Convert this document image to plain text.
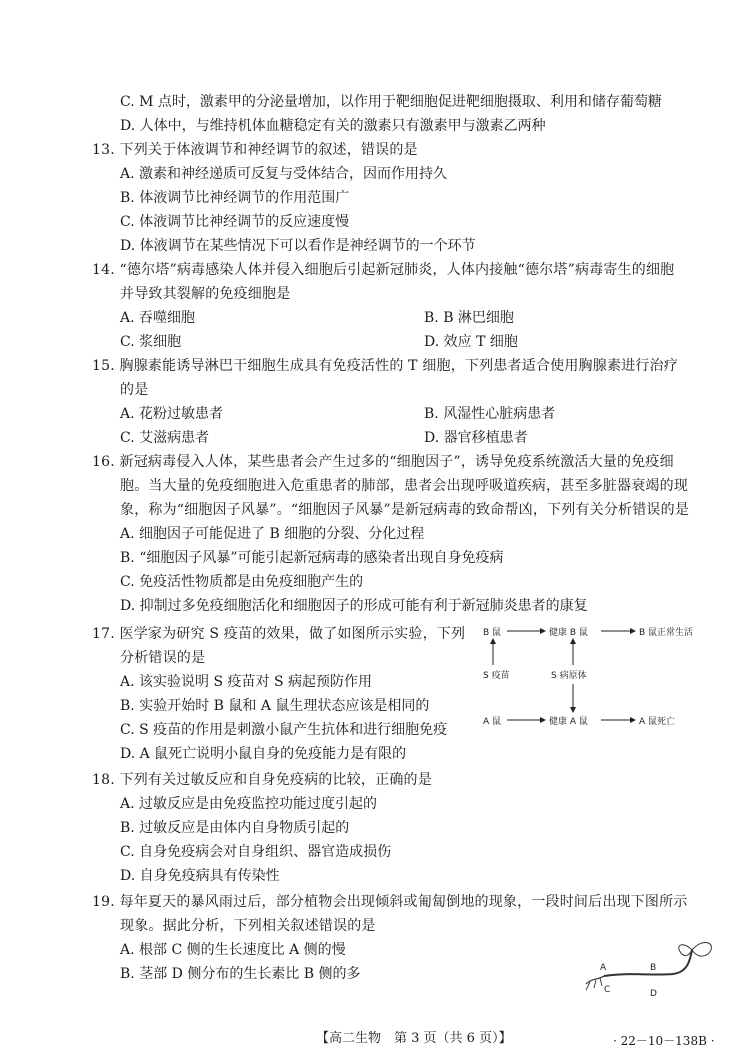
C. M 点时，激素甲的分泌量增加，以作用于靶细胞促进靶细胞摄取、利用和储存葡萄糖
D. 人体中，与维持机体血糖稳定有关的激素只有激素甲与激素乙两种
13. 下列关于体液调节和神经调节的叙述，错误的是
A. 激素和神经递质可反复与受体结合，因而作用持久
B. 体液调节比神经调节的作用范围广
C. 体液调节比神经调节的反应速度慢
D. 体液调节在某些情况下可以看作是神经调节的一个环节
14. “德尔塔”病毒感染人体并侵入细胞后引起新冠肺炎，人体内接触“德尔塔”病毒寄生的细胞
并导致其裂解的免疫细胞是
A. 吞噬细胞	B. B 淋巴细胞
C. 浆细胞	D. 效应 T 细胞
15. 胸腺素能诱导淋巴干细胞生成具有免疫活性的 T 细胞，下列患者适合使用胸腺素进行治疗
的是
A. 花粉过敏患者	B. 风湿性心脏病患者
C. 艾滋病患者	D. 器官移植患者
16. 新冠病毒侵入人体，某些患者会产生过多的“细胞因子”，诱导免疫系统激活大量的免疫细
胞。当大量的免疫细胞进入危重患者的肺部，患者会出现呼吸道疾病，甚至多脏器衰竭的现
象，称为“细胞因子风暴”。“细胞因子风暴”是新冠病毒的致命帮凶，下列有关分析错误的是
A. 细胞因子可能促进了 B 细胞的分裂、分化过程
B. “细胞因子风暴”可能引起新冠病毒的感染者出现自身免疫病
C. 免疫活性物质都是由免疫细胞产生的
D. 抑制过多免疫细胞活化和细胞因子的形成可能有利于新冠肺炎患者的康复
17. 医学家为研究 S 疫苗的效果，做了如图所示实验，下列
分析错误的是
A. 该实验说明 S 疫苗对 S 病起预防作用
B. 实验开始时 B 鼠和 A 鼠生理状态应该是相同的
C. S 疫苗的作用是刺激小鼠产生抗体和进行细胞免疫
D. A 鼠死亡说明小鼠自身的免疫能力是有限的
B 鼠	健康 B 鼠	B 鼠正常生活
S 疫苗	S 病原体
A 鼠	健康 A 鼠	A 鼠死亡
18. 下列有关过敏反应和自身免疫病的比较，正确的是
A. 过敏反应是由免疫监控功能过度引起的
B. 过敏反应是由体内自身物质引起的
C. 自身免疫病会对自身组织、器官造成损伤
D. 自身免疫病具有传染性
19. 每年夏天的暴风雨过后，部分植物会出现倾斜或匍匐倒地的现象，一段时间后出现下图所示
现象。据此分析，下列相关叙述错误的是
A. 根部 C 侧的生长速度比 A 侧的慢
B. 茎部 D 侧分布的生长素比 B 侧的多	A	B
C	D
【高二生物　第 3 页（共 6 页）】	· 22－10－138B ·
